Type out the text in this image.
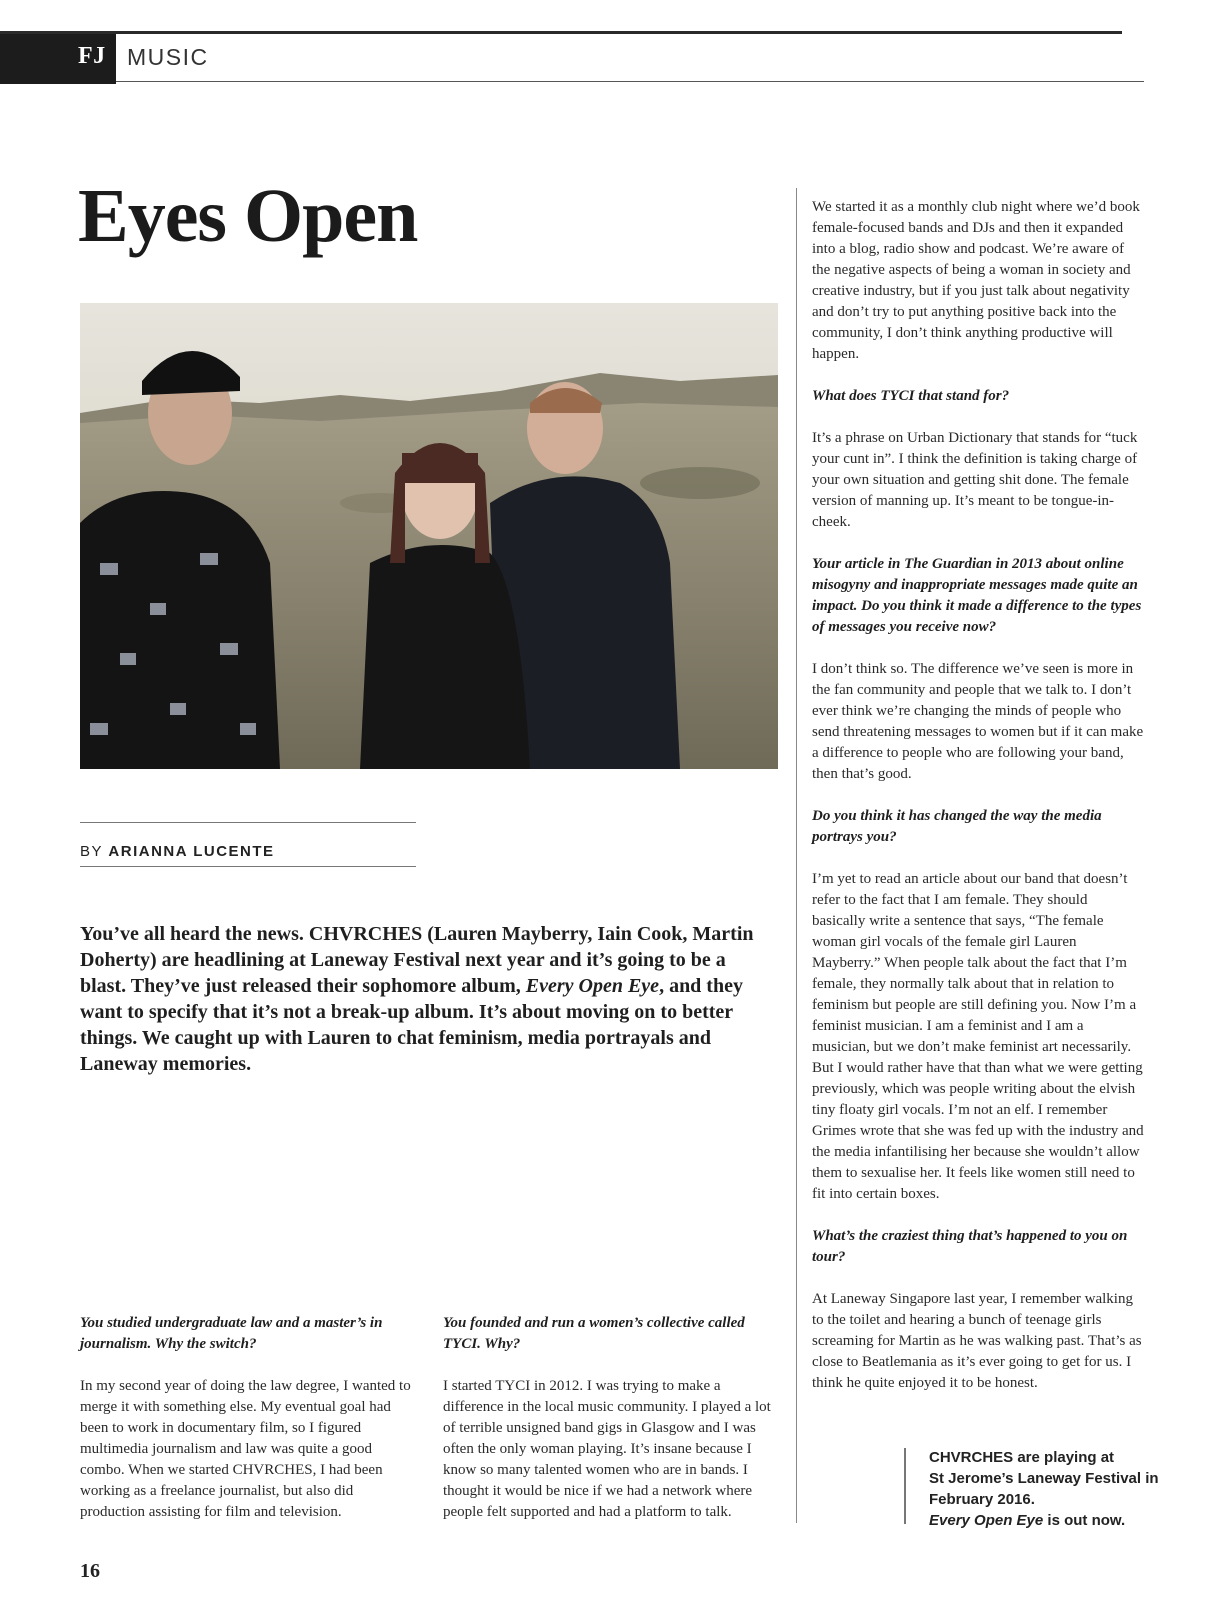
FJ MUSIC
Eyes Open
BY ARIANNA LUCENTE
You’ve all heard the news. CHVRCHES (Lauren Mayberry, Iain Cook, Martin Doherty) are headlining at Laneway Festival next year and it’s going to be a blast. They’ve just released their sophomore album, Every Open Eye, and they want to specify that it’s not a break-up album. It’s about moving on to better things. We caught up with Lauren to chat feminism, media portrayals and Laneway memories.

You studied undergraduate law and a master’s in journalism. Why the switch?

In my second year of doing the law degree, I wanted to merge it with something else. My eventual goal had been to work in documentary film, so I figured multimedia journalism and law was quite a good combo. When we started CHVRCHES, I had been working as a freelance journalist, but also did production assisting for film and television.

You founded and run a women’s collective called TYCI. Why?

I started TYCI in 2012. I was trying to make a difference in the local music community. I played a lot of terrible unsigned band gigs in Glasgow and I was often the only woman playing. It’s insane because I know so many talented women who are in bands. I thought it would be nice if we had a network where people felt supported and had a platform to talk.

We started it as a monthly club night where we’d book female-focused bands and DJs and then it expanded into a blog, radio show and podcast. We’re aware of the negative aspects of being a woman in society and creative industry, but if you just talk about negativity and don’t try to put anything positive back into the community, I don’t think anything productive will happen.

What does TYCI that stand for?

It’s a phrase on Urban Dictionary that stands for “tuck your cunt in”. I think the definition is taking charge of your own situation and getting shit done. The female version of manning up. It’s meant to be tongue-in-cheek.

Your article in The Guardian in 2013 about online misogyny and inappropriate messages made quite an impact. Do you think it made a difference to the types of messages you receive now?

I don’t think so. The difference we’ve seen is more in the fan community and people that we talk to. I don’t ever think we’re changing the minds of people who send threatening messages to women but if it can make a difference to people who are following your band, then that’s good.

Do you think it has changed the way the media portrays you?

I’m yet to read an article about our band that doesn’t refer to the fact that I am female. They should basically write a sentence that says, “The female woman girl vocals of the female girl Lauren Mayberry.” When people talk about the fact that I’m female, they normally talk about that in relation to feminism but people are still defining you. Now I’m a feminist musician. I am a feminist and I am a musician, but we don’t make feminist art necessarily. But I would rather have that than what we were getting previously, which was people writing about the elvish tiny floaty girl vocals. I’m not an elf. I remember Grimes wrote that she was fed up with the industry and the media infantilising her because she wouldn’t allow them to sexualise her. It feels like women still need to fit into certain boxes.

What’s the craziest thing that’s happened to you on tour?

At Laneway Singapore last year, I remember walking to the toilet and hearing a bunch of teenage girls screaming for Martin as he was walking past. That’s as close to Beatlemania as it’s ever going to get for us. I think he quite enjoyed it to be honest.

CHVRCHES are playing at
St Jerome’s Laneway Festival in
February 2016.
Every Open Eye is out now.
16
